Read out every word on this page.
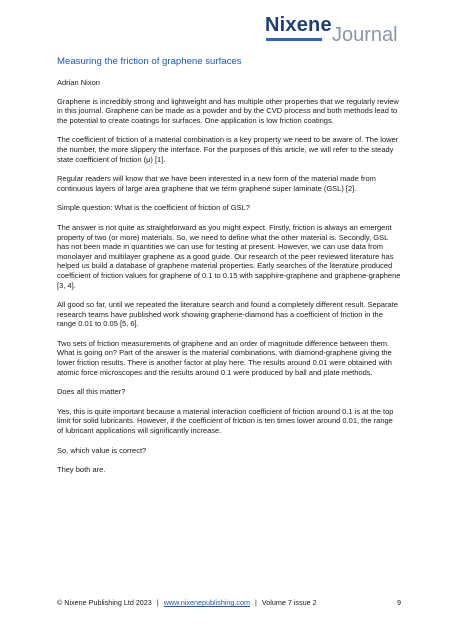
Nixene Journal
Measuring the friction of graphene surfaces

Adrian Nixon

Graphene is incredibly strong and lightweight and has multiple other properties that we regularly review in this journal. Graphene can be made as a powder and by the CVD process and both methods lead to the potential to create coatings for surfaces. One application is low friction coatings.

The coefficient of friction of a material combination is a key property we need to be aware of. The lower the number, the more slippery the interface. For the purposes of this article, we will refer to the steady state coefficient of friction (μ) [1].

Regular readers will know that we have been interested in a new form of the material made from continuous layers of large area graphene that we term graphene super laminate (GSL) [2].

Simple question: What is the coefficient of friction of GSL?

The answer is not quite as straightforward as you might expect. Firstly, friction is always an emergent property of two (or more) materials. So, we need to define what the other material is. Secondly, GSL has not been made in quantities we can use for testing at present. However, we can use data from monolayer and multilayer graphene as a good guide. Our research of the peer reviewed literature has helped us build a database of graphene material properties. Early searches of the literature produced coefficient of friction values for graphene of 0.1 to 0.15 with sapphire-graphene and graphene-graphene [3, 4].

All good so far, until we repeated the literature search and found a completely different result. Separate research teams have published work showing graphene-diamond has a coefficient of friction in the range 0.01 to 0.05 [5, 6].

Two sets of friction measurements of graphene and an order of magnitude difference between them. What is going on? Part of the answer is the material combinations, with diamond-graphene giving the lower friction results. There is another factor at play here. The results around 0.01 were obtained with atomic force microscopes and the results around 0.1 were produced by ball and plate methods.

Does all this matter?

Yes, this is quite important because a material interaction coefficient of friction around 0.1 is at the top limit for solid lubricants. However, if the coefficient of friction is ten times lower around 0.01, the range of lubricant applications will significantly increase.

So, which value is correct?

They both are.

© Nixene Publishing Ltd 2023 | www.nixenepublishing.com | Volume 7 issue 2	9
